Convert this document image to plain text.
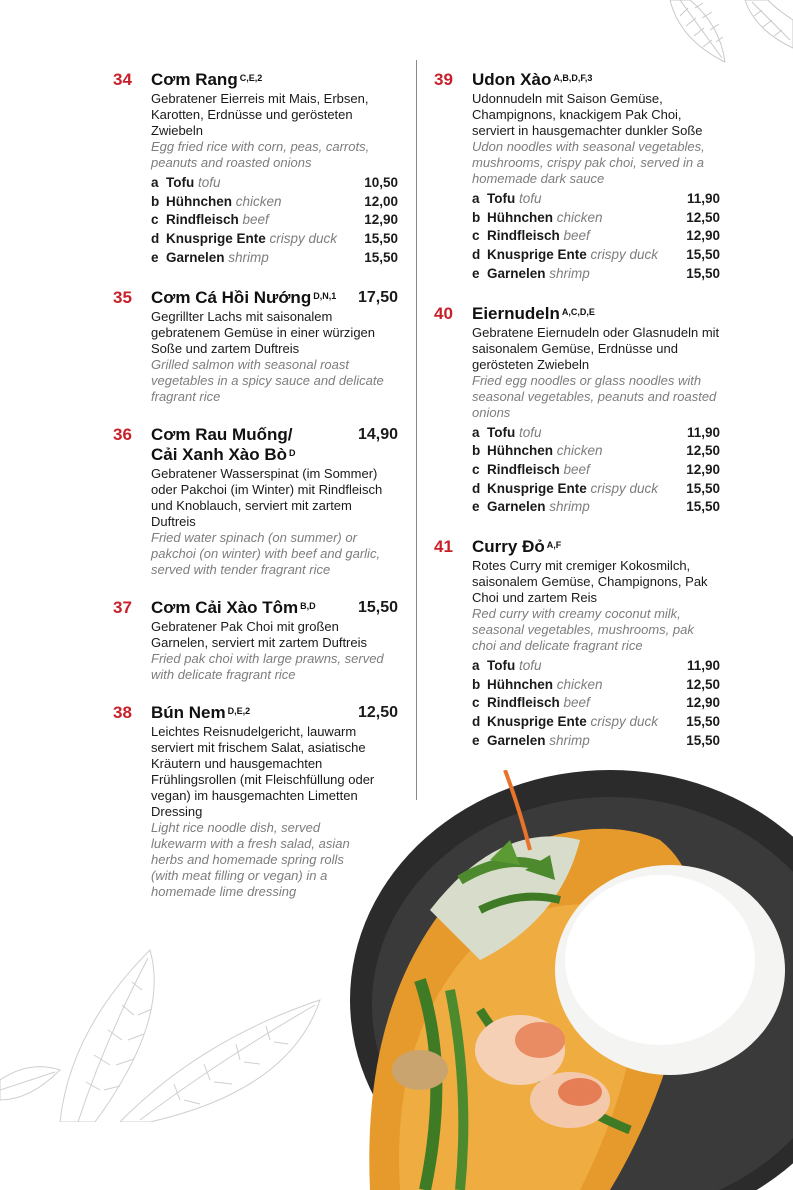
34 Cơm Rang $^{C,E,2}$
Gebratener Eierreis mit Mais, Erbsen, Karotten, Erdnüsse und gerösteten Zwiebeln
Egg fried rice with corn, peas, carrots, peanuts and roasted onions
a Tofu tofu	10,50
b Hühnchen chicken	12,00
c Rindfleisch beef	12,90
d Knusprige Ente crispy duck 15,50
e Garnelen shrimp	15,50
35 Cơm Cá Hồi Nướng $^{D,N,1}$ 17,50
Gegrillter Lachs mit saisonalem gebratenem Gemüse in einer würzigen Soße und zartem Duftreis
Grilled salmon with seasonal roast vegetables in a spicy sauce and delicate fragrant rice
36 Cơm Rau Muống/ Cải Xanh Xào Bò $^D$
14,90
Gebratener Wasserspinat (im Sommer) oder Pakchoi (im Winter) mit Rindfleisch und Knoblauch, serviert mit zartem Duftreis
Fried water spinach (on summer) or pakchoi (on winter) with beef and garlic, served with tender fragrant rice
37 Cơm Cải Xào Tôm $^{B,D}$	15,50
Gebratener Pak Choi mit großen Garnelen, serviert mit zartem Duftreis
Fried pak choi with large prawns, served with delicate fragrant rice
38 Bún Nem $^{D,E,2}$	12,50
Leichtes Reisnudelgericht, lauwarm serviert mit frischem Salat, asiatische Kräutern und hausgemachten Frühlingsrollen (mit Fleischfüllung oder vegan) im hausgemachten Limetten Dressing
Light rice noodle dish, served lukewarm with a fresh salad, asian herbs and homemade spring rolls (with meat filling or vegan) in a homemade lime dressing
39 Udon Xào $^{A,B,D,F,3}$
Udonnudeln mit Saison Gemüse, Champignons, knackigem Pak Choi, serviert in hausgemachter dunkler Soße
Udon noodles with seasonal vegetables, mushrooms, crispy pak choi, served in a homemade dark sauce
a Tofu tofu	11,90
b Hühnchen chicken	12,50
c Rindfleisch beef	12,90
d Knusprige Ente crispy duck 15,50
e Garnelen shrimp	15,50
40 Eiernudeln $^{A,C,D,E}$
Gebratene Eiernudeln oder Glasnudeln mit saisonalem Gemüse, Erdnüsse und gerösteten Zwiebeln
Fried egg noodles or glass noodles with seasonal vegetables, peanuts and roasted onions
a Tofu tofu	11,90
b Hühnchen chicken	12,50
c Rindfleisch beef	12,90
d Knusprige Ente crispy duck 15,50
e Garnelen shrimp	15,50
41 Curry Đỏ $^{A,F}$
Rotes Curry mit cremiger Kokosmilch, saisonalem Gemüse, Champignons, Pak Choi und zartem Reis
Red curry with creamy coconut milk, seasonal vegetables, mushrooms, pak choi and delicate fragrant rice
a Tofu tofu	11,90
b Hühnchen chicken	12,50
c Rindfleisch beef	12,90
d Knusprige Ente crispy duck 15,50
e Garnelen shrimp	15,50
